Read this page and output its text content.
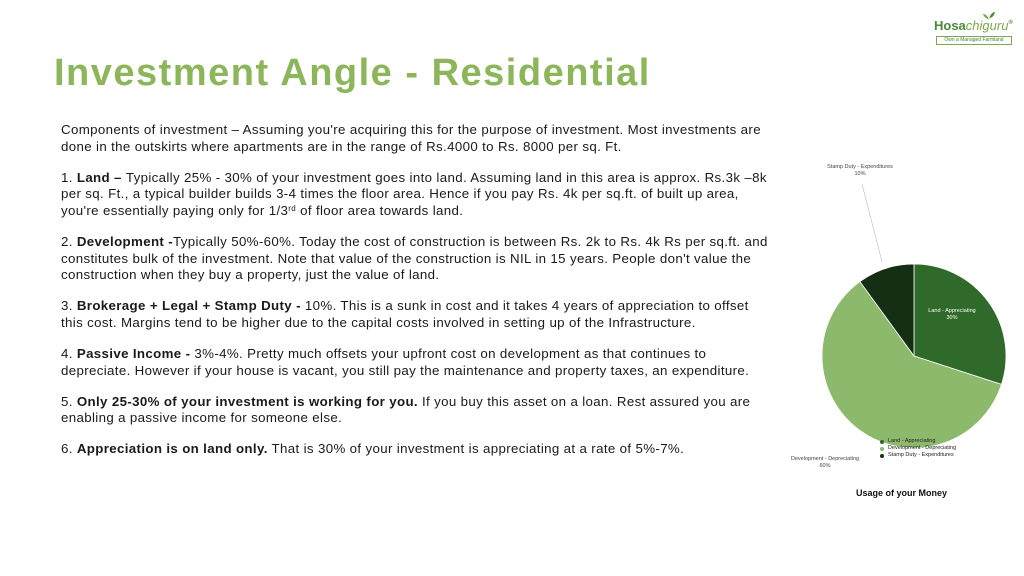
Hosachiguru®
Own a Managed Farmland
Investment Angle - Residential

Components of investment – Assuming you're acquiring this for the purpose of investment. Most investments are done in the outskirts where apartments are in the range of Rs.4000 to Rs. 8000 per sq. Ft.

1. Land – Typically 25% - 30% of your investment goes into land. Assuming land in this area is approx. Rs.3k –8k per sq. Ft., a typical builder builds 3-4 times the floor area. Hence if you pay Rs. 4k per sq.ft. of built up area, you're essentially paying only for 1/3rd of floor area towards land.

2. Development -Typically 50%-60%. Today the cost of construction is between Rs. 2k to Rs. 4k Rs per sq.ft. and constitutes bulk of the investment. Note that value of the construction is NIL in 15 years. People don't value the construction when they buy a property, just the value of land.

3. Brokerage + Legal + Stamp Duty - 10%. This is a sunk in cost and it takes 4 years of appreciation to offset this cost. Margins tend to be higher due to the capital costs involved in setting up of the Infrastructure.

4. Passive Income - 3%-4%. Pretty much offsets your upfront cost on development as that continues to depreciate. However if your house is vacant, you still pay the maintenance and property taxes, an expenditure.

5. Only 25-30% of your investment is working for you. If you buy this asset on a loan. Rest assured you are enabling a passive income for someone else.

6. Appreciation is on land only. That is 30% of your investment is appreciating at a rate of 5%-7%.

Land - Appreciating
30%
Development - Depreciating
60%
Stamp Duty - Expenditures
10%
Land - Appreciating
Development - Depreciating
Stamp Duty - Expenditures
Usage of your Money
